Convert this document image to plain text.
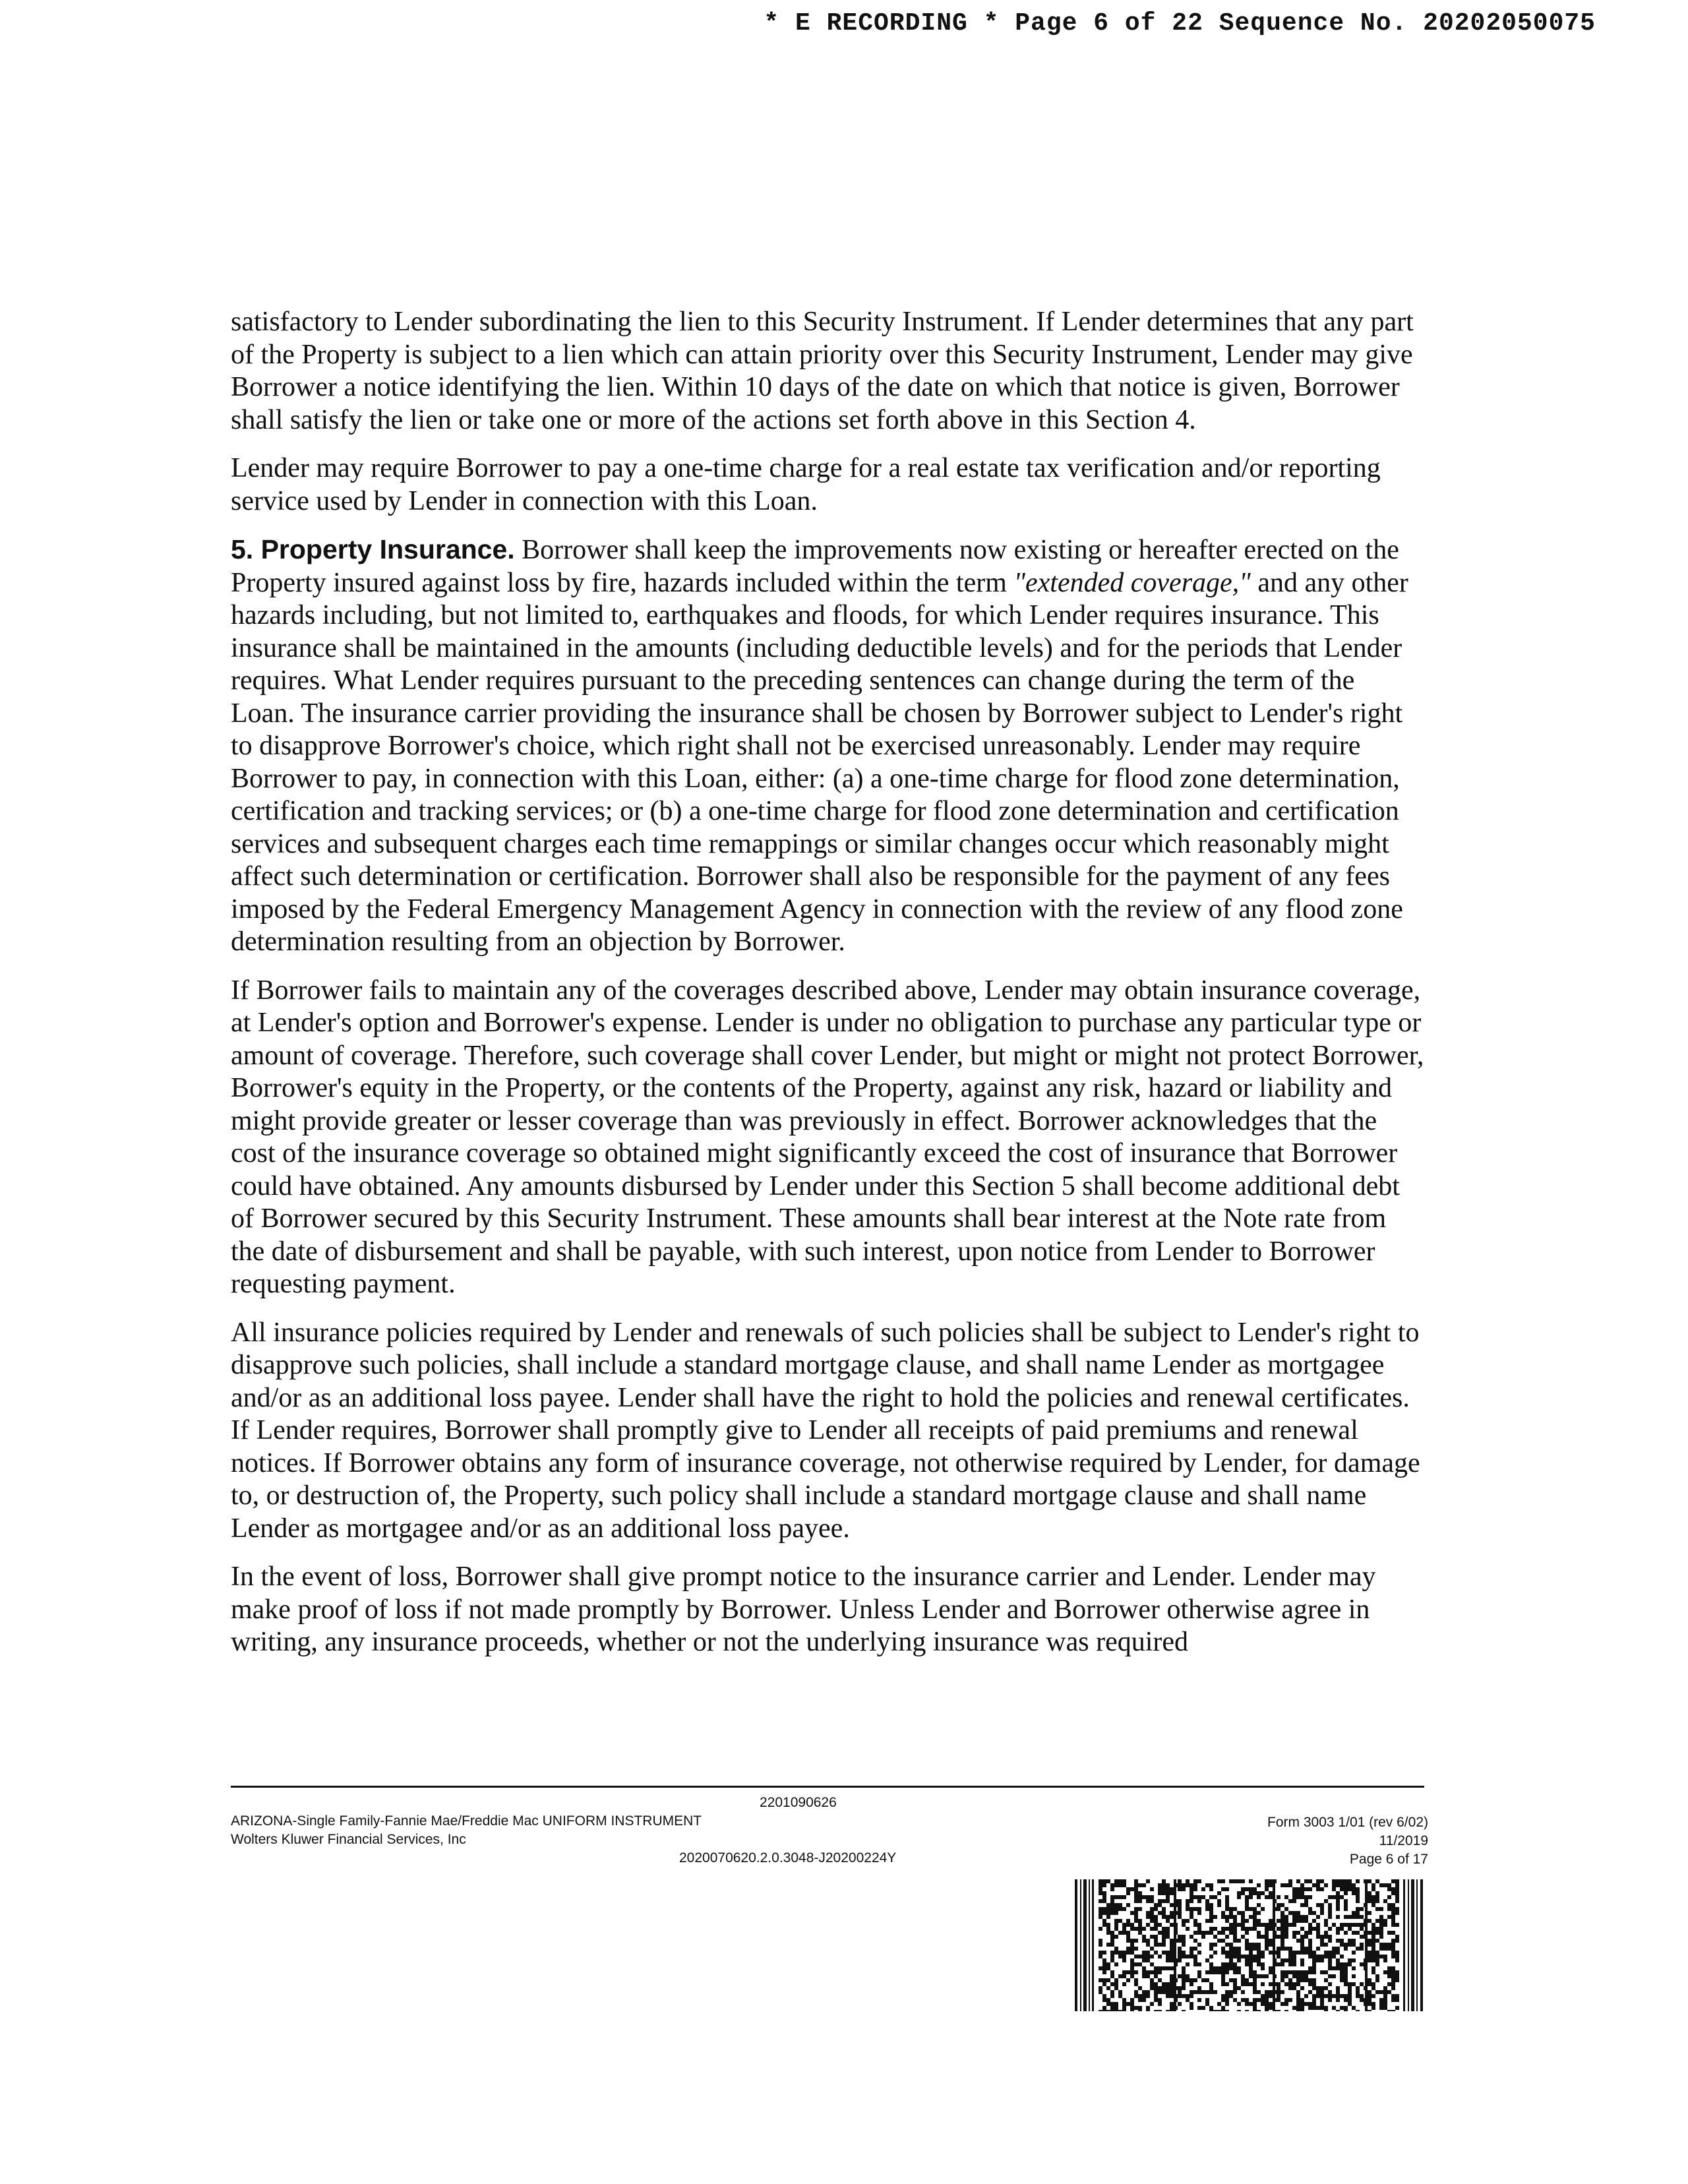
* E RECORDING * Page 6 of 22 Sequence No. 20202050075

satisfactory to Lender subordinating the lien to this Security Instrument. If Lender determines that any part of the Property is subject to a lien which can attain priority over this Security Instrument, Lender may give Borrower a notice identifying the lien. Within 10 days of the date on which that notice is given, Borrower shall satisfy the lien or take one or more of the actions set forth above in this Section 4.

Lender may require Borrower to pay a one-time charge for a real estate tax verification and/or reporting service used by Lender in connection with this Loan.

5. Property Insurance. Borrower shall keep the improvements now existing or hereafter erected on the Property insured against loss by fire, hazards included within the term "extended coverage," and any other hazards including, but not limited to, earthquakes and floods, for which Lender requires insurance. This insurance shall be maintained in the amounts (including deductible levels) and for the periods that Lender requires. What Lender requires pursuant to the preceding sentences can change during the term of the Loan. The insurance carrier providing the insurance shall be chosen by Borrower subject to Lender's right to disapprove Borrower's choice, which right shall not be exercised unreasonably. Lender may require Borrower to pay, in connection with this Loan, either: (a) a one-time charge for flood zone determination, certification and tracking services; or (b) a one-time charge for flood zone determination and certification services and subsequent charges each time remappings or similar changes occur which reasonably might affect such determination or certification. Borrower shall also be responsible for the payment of any fees imposed by the Federal Emergency Management Agency in connection with the review of any flood zone determination resulting from an objection by Borrower.

If Borrower fails to maintain any of the coverages described above, Lender may obtain insurance coverage, at Lender's option and Borrower's expense. Lender is under no obligation to purchase any particular type or amount of coverage. Therefore, such coverage shall cover Lender, but might or might not protect Borrower, Borrower's equity in the Property, or the contents of the Property, against any risk, hazard or liability and might provide greater or lesser coverage than was previously in effect. Borrower acknowledges that the cost of the insurance coverage so obtained might significantly exceed the cost of insurance that Borrower could have obtained. Any amounts disbursed by Lender under this Section 5 shall become additional debt of Borrower secured by this Security Instrument. These amounts shall bear interest at the Note rate from the date of disbursement and shall be payable, with such interest, upon notice from Lender to Borrower requesting payment.

All insurance policies required by Lender and renewals of such policies shall be subject to Lender's right to disapprove such policies, shall include a standard mortgage clause, and shall name Lender as mortgagee and/or as an additional loss payee. Lender shall have the right to hold the policies and renewal certificates. If Lender requires, Borrower shall promptly give to Lender all receipts of paid premiums and renewal notices. If Borrower obtains any form of insurance coverage, not otherwise required by Lender, for damage to, or destruction of, the Property, such policy shall include a standard mortgage clause and shall name Lender as mortgagee and/or as an additional loss payee.

In the event of loss, Borrower shall give prompt notice to the insurance carrier and Lender. Lender may make proof of loss if not made promptly by Borrower. Unless Lender and Borrower otherwise agree in writing, any insurance proceeds, whether or not the underlying insurance was required

2201090626
ARIZONA-Single Family-Fannie Mae/Freddie Mac UNIFORM INSTRUMENT
Wolters Kluwer Financial Services, Inc
2020070620.2.0.3048-J20200224Y
Form 3003 1/01 (rev 6/02)
11/2019
Page 6 of 17
